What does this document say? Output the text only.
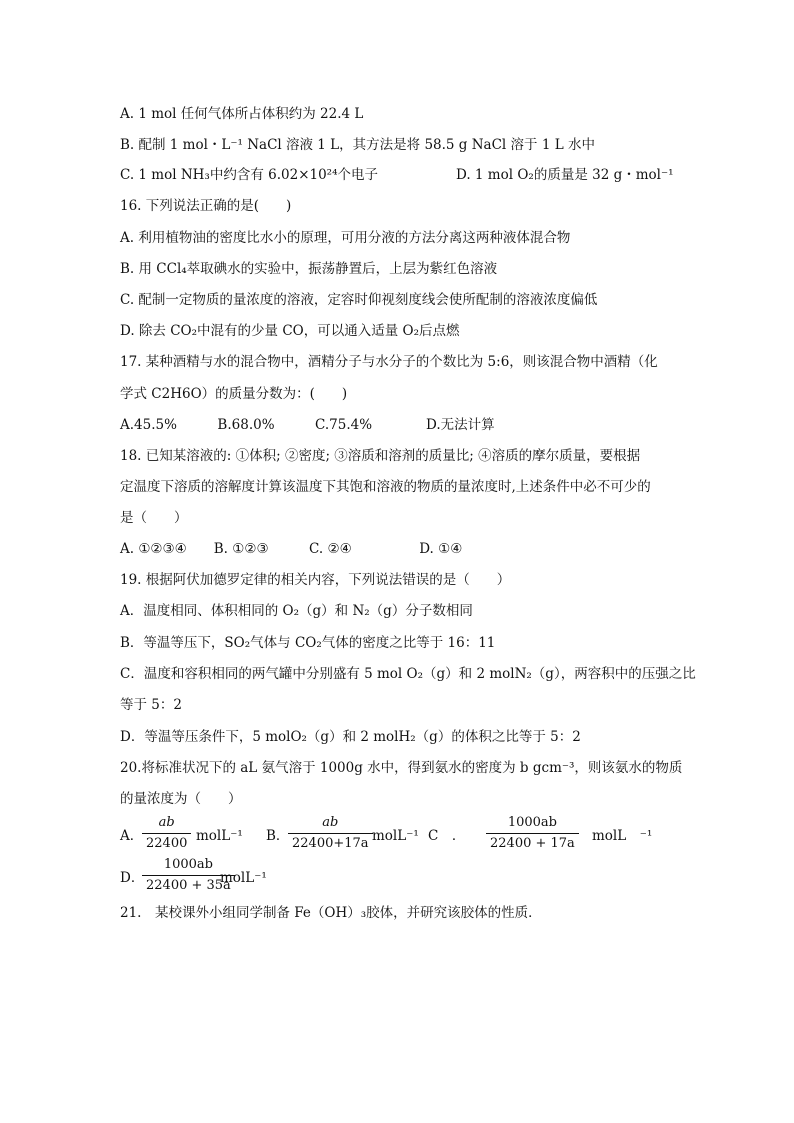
A. 1 mol 任何气体所占体积约为 22.4 L
B. 配制 1 mol・L⁻¹ NaCl 溶液 1 L，其方法是将 58.5 g NaCl 溶于 1 L 水中
C. 1 mol NH₃中约含有 6.02×10²⁴个电子	D. 1 mol O₂的质量是 32 g・mol⁻¹
16. 下列说法正确的是(　　)
A. 利用植物油的密度比水小的原理，可用分液的方法分离这两种液体混合物
B. 用 CCl₄萃取碘水的实验中，振荡静置后，上层为紫红色溶液
C. 配制一定物质的量浓度的溶液，定容时仰视刻度线会使所配制的溶液浓度偏低
D. 除去 CO₂中混有的少量 CO，可以通入适量 O₂后点燃
17. 某种酒精与水的混合物中，酒精分子与水分子的个数比为 5:6，则该混合物中酒精（化
学式 C2H6O）的质量分数为：(　　)
A.45.5%　　　B.68.0%　　　C.75.4%　　　　D.无法计算
18. 已知某溶液的: ①体积; ②密度; ③溶质和溶剂的质量比; ④溶质的摩尔质量，要根据
定温度下溶质的溶解度计算该温度下其饱和溶液的物质的量浓度时,上述条件中必不可少的
是（　　）
A. ①②③④　　B. ①②③　　　C. ②④　　　　　D. ①④
19. 根据阿伏加德罗定律的相关内容，下列说法错误的是（　　）
A．温度相同、体积相同的 O₂（g）和 N₂（g）分子数相同
B．等温等压下，SO₂气体与 CO₂气体的密度之比等于 16：11
C．温度和容积相同的两气罐中分别盛有 5 mol O₂（g）和 2 molN₂（g），两容积中的压强之比
等于 5：2
D．等温等压条件下，5 molO₂（g）和 2 molH₂（g）的体积之比等于 5：2
20.将标准状况下的 aL 氨气溶于 1000g 水中，得到氨水的密度为 b gcm⁻³，则该氨水的物质
的量浓度为（　　）
A．
$\frac{ab}{22400}$ molL⁻¹ B．
$\frac{ab}{22400+17a}$ molL⁻¹ C　． $\frac{1000ab}{22400 + 17a}$ molL　⁻¹
D．
$\frac{1000ab}{22400 + 35a}$
molL⁻¹
21.　某校课外小组同学制备 Fe（OH）₃胶体，并研究该胶体的性质．
